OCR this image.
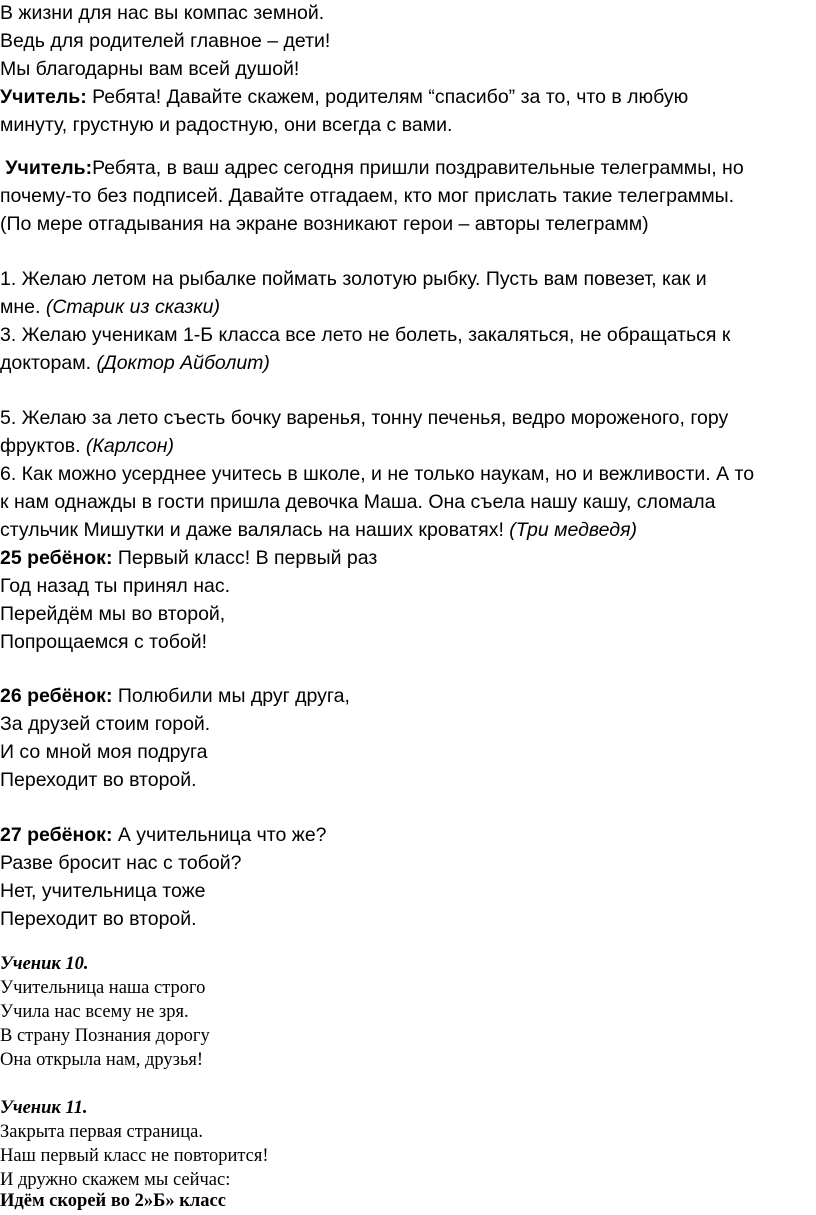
В жизни для нас вы компас земной.
Ведь для родителей главное – дети!
Мы благодарны вам всей душой!
Учитель: Ребята! Давайте скажем, родителям “спасибо” за то, что в любую
минуту, грустную и радостную, они всегда с вами.
Учитель:Ребята, в ваш адрес сегодня пришли поздравительные телеграммы, но
почему-то без подписей. Давайте отгадаем, кто мог прислать такие телеграммы.
(По мере отгадывания на экране возникают герои – авторы телеграмм)
1. Желаю летом на рыбалке поймать золотую рыбку. Пусть вам повезет, как и
мне. (Старик из сказки)
3. Желаю ученикам 1-Б класса все лето не болеть, закаляться, не обращаться к
докторам. (Доктор Айболит)
5. Желаю за лето съесть бочку варенья, тонну печенья, ведро мороженого, гору
фруктов. (Карлсон)
6. Как можно усерднее учитесь в школе, и не только наукам, но и вежливости. А то
к нам однажды в гости пришла девочка Маша. Она съела нашу кашу, сломала
стульчик Мишутки и даже валялась на наших кроватях! (Три медведя)
25 ребёнок: Первый класс! В первый раз
Год назад ты принял нас.
Перейдём мы во второй,
Попрощаемся с тобой!
26 ребёнок: Полюбили мы друг друга,
За друзей стоим горой.
И со мной моя подруга
Переходит во второй.
27 ребёнок: А учительница что же?
Разве бросит нас с тобой?
Нет, учительница тоже
Переходит во второй.
Ученик 10.
Учительница наша строго
Учила нас всему не зря.
В страну Познания дорогу
Она открыла нам, друзья!
Ученик 11.
Закрыта первая страница.
Наш первый класс не повторится!
И дружно скажем мы сейчас:
Идём скорей во 2»Б» класс
